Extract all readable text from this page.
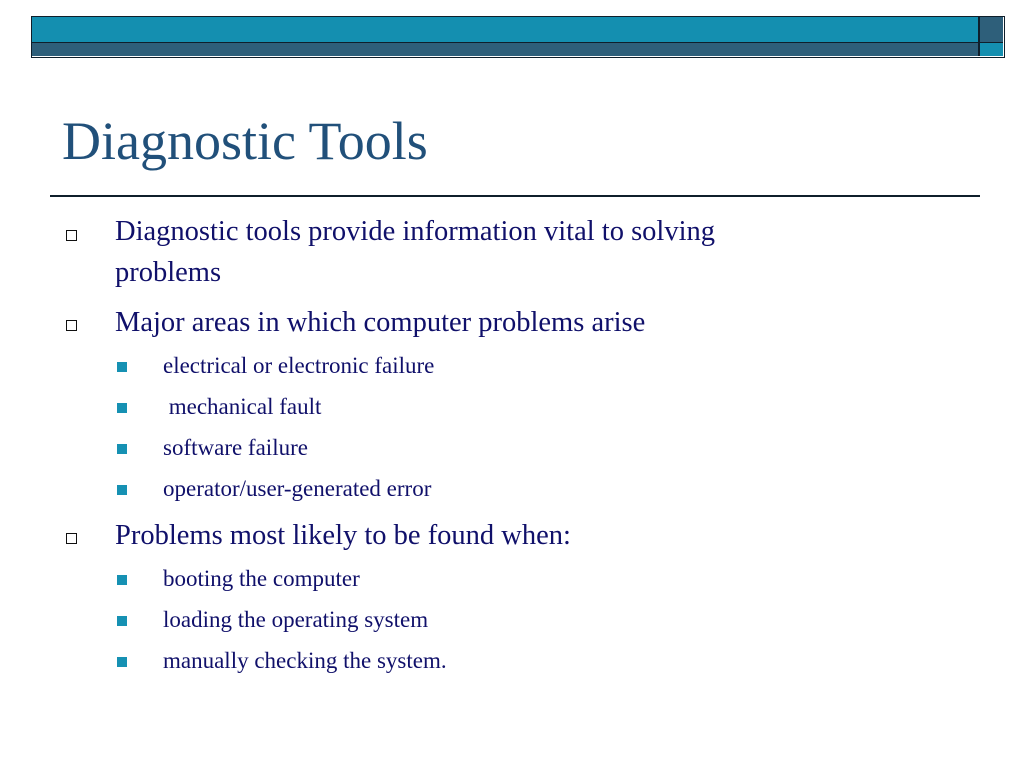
Diagnostic Tools
Diagnostic tools provide information vital to solving
problems
Major areas in which computer problems arise
electrical or electronic failure
mechanical fault
software failure
operator/user-generated error
Problems most likely to be found when:
booting the computer
loading the operating system
manually checking the system.
